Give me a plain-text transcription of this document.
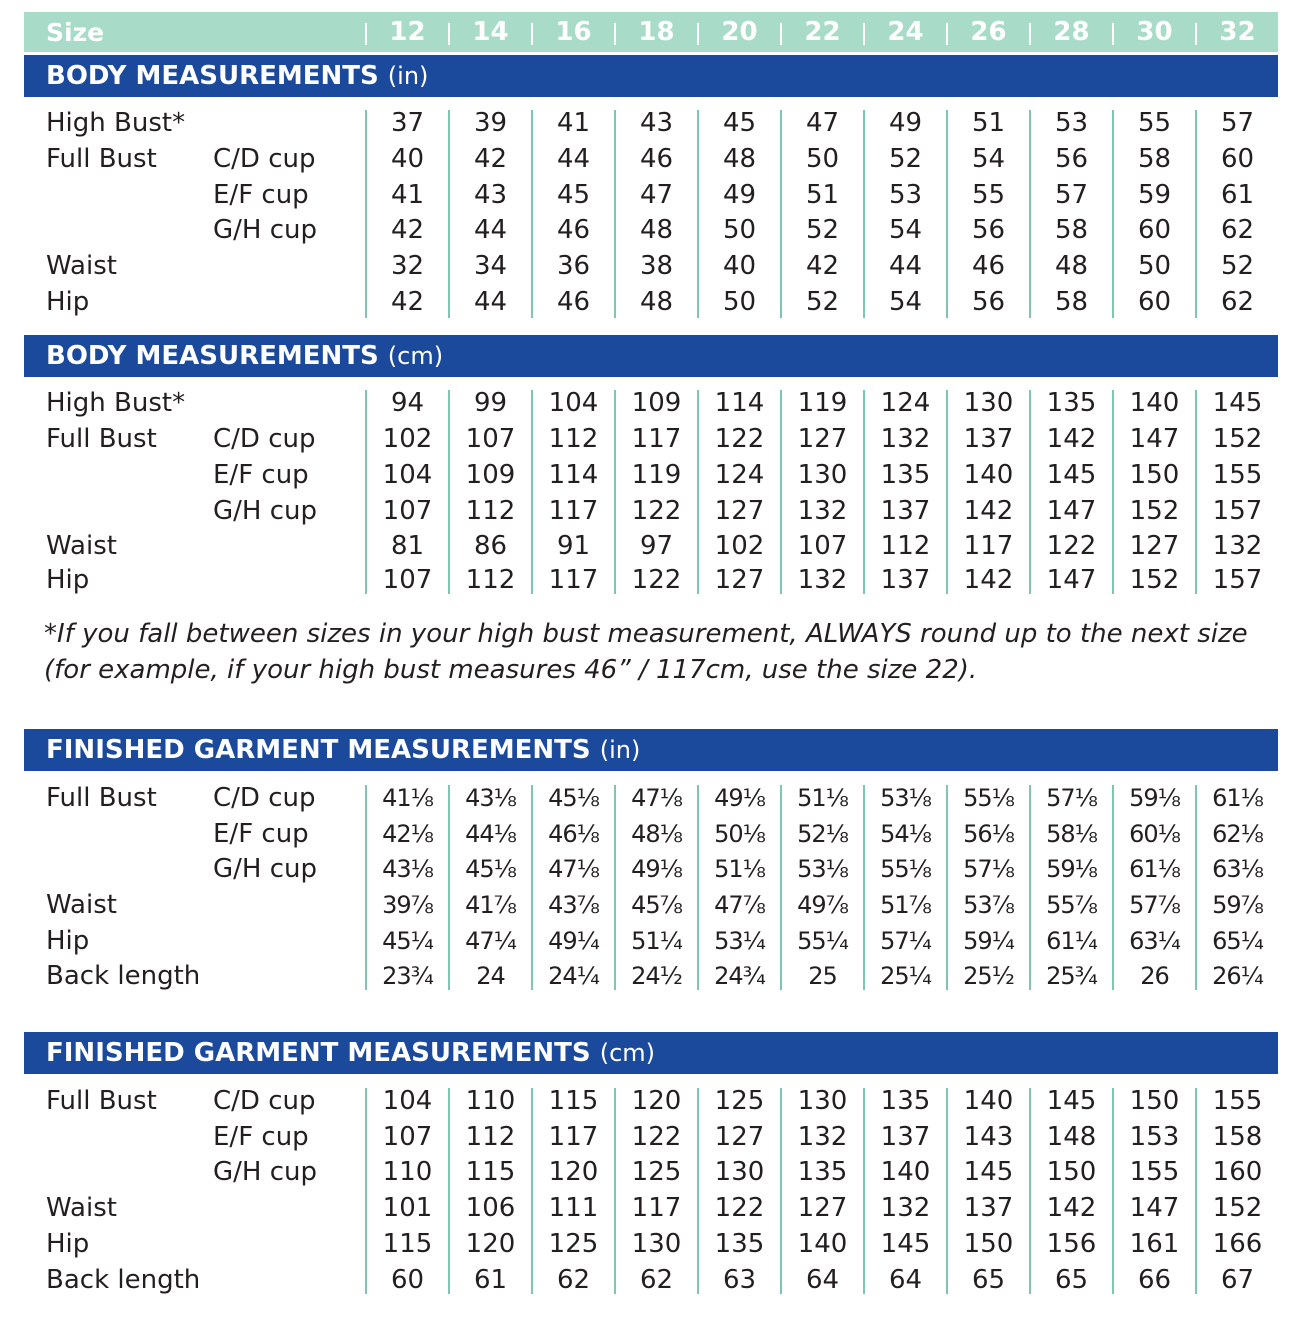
Size	12	14	16	18	20	22	24	26	28	30	32
*If you fall between sizes in your high bust measurement, ALWAYS round up to the next size (for example, if your high bust measures 46” / 117cm, use the size 22).
BODY MEASUREMENTS (in)
High Bust*	37	39	41	43	45	47	49	51	53	55	57
Full Bust C/D cup	40	42	44	46	48	50	52	54	56	58	60
E/F cup	41	43	45	47	49	51	53	55	57	59	61
G/H cup	42	44	46	48	50	52	54	56	58	60	62
Waist	32	34	36	38	40	42	44	46	48	50	52
Hip	42	44	46	48	50	52	54	56	58	60	62
BODY MEASUREMENTS (cm)
High Bust*	94	99	104	109	114	119	124	130	135	140	145
Full Bust C/D cup	102	107	112	117	122	127	132	137	142	147	152
E/F cup	104	109	114	119	124	130	135	140	145	150	155
G/H cup	107	112	117	122	127	132	137	142	147	152	157
Waist	81	86	91	97	102	107	112	117	122	127	132
Hip	107	112	117	122	127	132	137	142	147	152	157
FINISHED GARMENT MEASUREMENTS (in)
Full Bust C/D cup	41⅛	43⅛	45⅛	47⅛	49⅛	51⅛	53⅛	55⅛	57⅛	59⅛	61⅛
E/F cup	42⅛	44⅛	46⅛	48⅛	50⅛	52⅛	54⅛	56⅛	58⅛	60⅛	62⅛
G/H cup	43⅛	45⅛	47⅛	49⅛	51⅛	53⅛	55⅛	57⅛	59⅛	61⅛	63⅛
Waist	39⅞	41⅞	43⅞	45⅞	47⅞	49⅞	51⅞	53⅞	55⅞	57⅞	59⅞
Hip	45¼	47¼	49¼	51¼	53¼	55¼	57¼	59¼	61¼	63¼	65¼
Back length	23¾	24	24¼	24½	24¾	25	25¼	25½	25¾	26	26¼
FINISHED GARMENT MEASUREMENTS (cm)
Full Bust C/D cup	104	110	115	120	125	130	135	140	145	150	155
E/F cup	107	112	117	122	127	132	137	143	148	153	158
G/H cup	110	115	120	125	130	135	140	145	150	155	160
Waist	101	106	111	117	122	127	132	137	142	147	152
Hip	115	120	125	130	135	140	145	150	156	161	166
Back length	60	61	62	62	63	64	64	65	65	66	67
